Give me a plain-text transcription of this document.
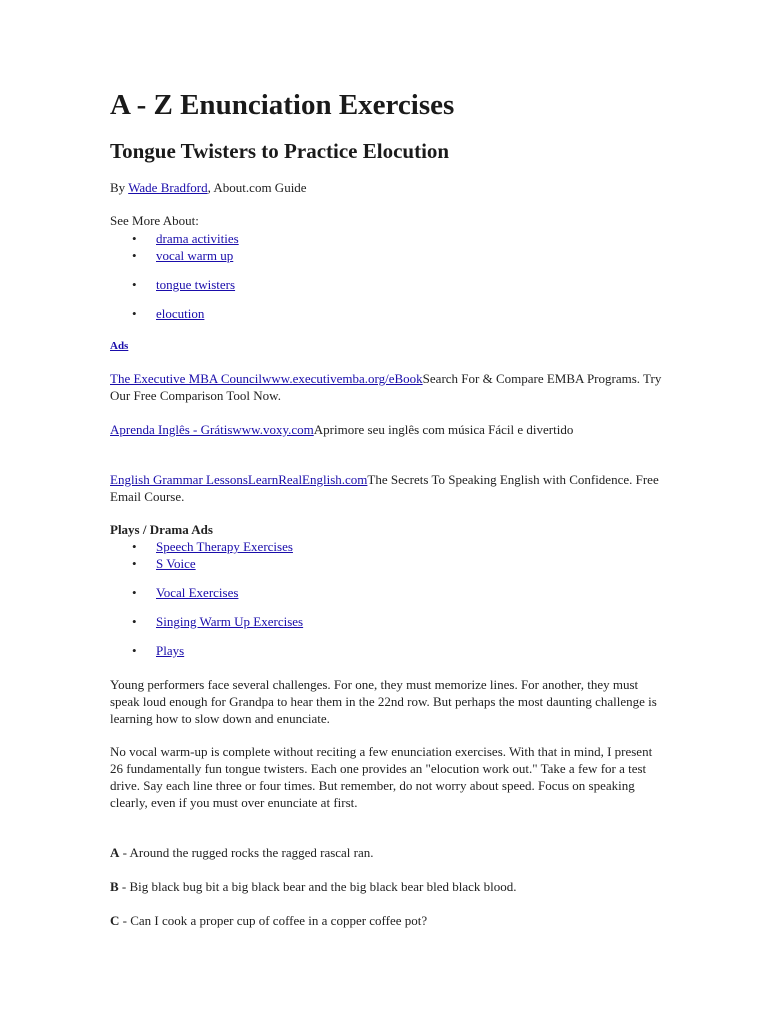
A - Z Enunciation Exercises
Tongue Twisters to Practice Elocution
By Wade Bradford, About.com Guide
See More About:
• drama activities
• vocal warm up
• tongue twisters
• elocution
Ads

The Executive MBA Councilwww.executivemba.org/eBookSearch For & Compare EMBA Programs. Try Our Free Comparison Tool Now.

Aprenda Inglês - Grátiswww.voxy.comAprimore seu inglês com música Fácil e divertido

English Grammar LessonsLearnRealEnglish.comThe Secrets To Speaking English with Confidence. Free Email Course.

Plays / Drama Ads
• Speech Therapy Exercises
• S Voice
• Vocal Exercises
• Singing Warm Up Exercises
• Plays

Young performers face several challenges. For one, they must memorize lines. For another, they must speak loud enough for Grandpa to hear them in the 22nd row. But perhaps the most daunting challenge is learning how to slow down and enunciate.

No vocal warm-up is complete without reciting a few enunciation exercises. With that in mind, I present 26 fundamentally fun tongue twisters. Each one provides an "elocution work out." Take a few for a test drive. Say each line three or four times. But remember, do not worry about speed. Focus on speaking clearly, even if you must over enunciate at first.

A - Around the rugged rocks the ragged rascal ran.

B - Big black bug bit a big black bear and the big black bear bled black blood.

C - Can I cook a proper cup of coffee in a copper coffee pot?
